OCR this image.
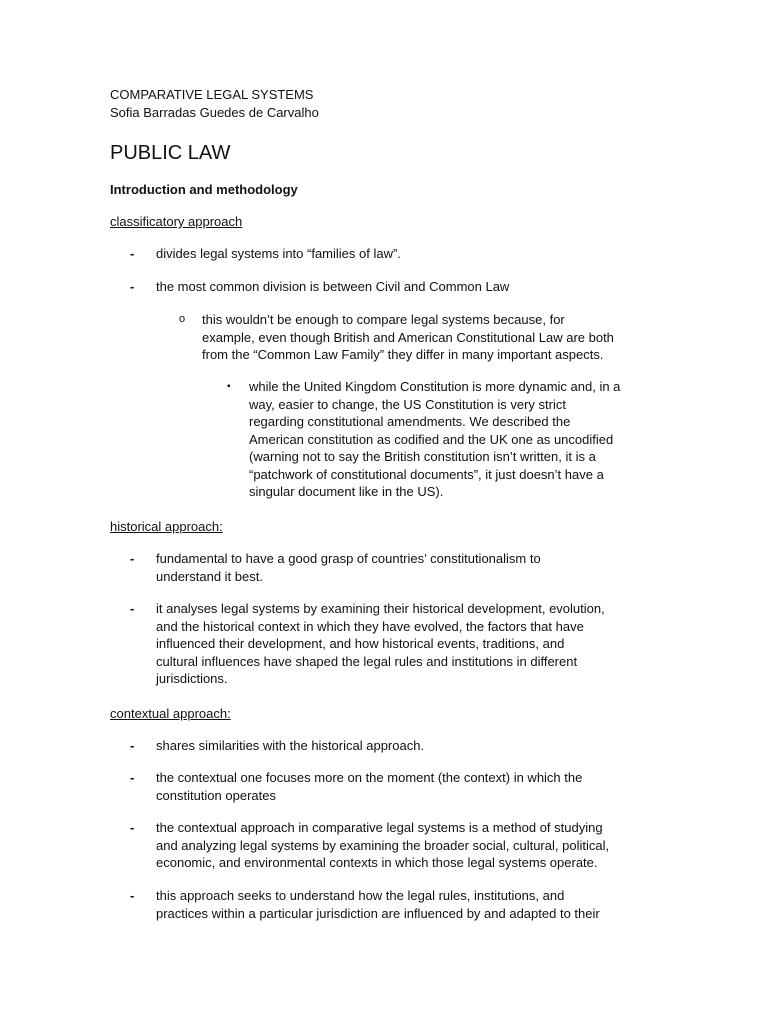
COMPARATIVE LEGAL SYSTEMS
Sofia Barradas Guedes de Carvalho
PUBLIC LAW
Introduction and methodology
classificatory approach
- divides legal systems into “families of law”.
- the most common division is between Civil and Common Law
o this wouldn’t be enough to compare legal systems because, for
example, even though British and American Constitutional Law are both
from the “Common Law Family” they differ in many important aspects.
▪ while the United Kingdom Constitution is more dynamic and, in a
way, easier to change, the US Constitution is very strict
regarding constitutional amendments. We described the
American constitution as codified and the UK one as uncodified
(warning not to say the British constitution isn’t written, it is a
“patchwork of constitutional documents”, it just doesn’t have a
singular document like in the US).
historical approach:
- fundamental to have a good grasp of countries’ constitutionalism to
understand it best.
- it analyses legal systems by examining their historical development, evolution,
and the historical context in which they have evolved, the factors that have
influenced their development, and how historical events, traditions, and
cultural influences have shaped the legal rules and institutions in different
jurisdictions.
contextual approach:
- shares similarities with the historical approach.
- the contextual one focuses more on the moment (the context) in which the
constitution operates
- the contextual approach in comparative legal systems is a method of studying
and analyzing legal systems by examining the broader social, cultural, political,
economic, and environmental contexts in which those legal systems operate.
- this approach seeks to understand how the legal rules, institutions, and
practices within a particular jurisdiction are influenced by and adapted to their
